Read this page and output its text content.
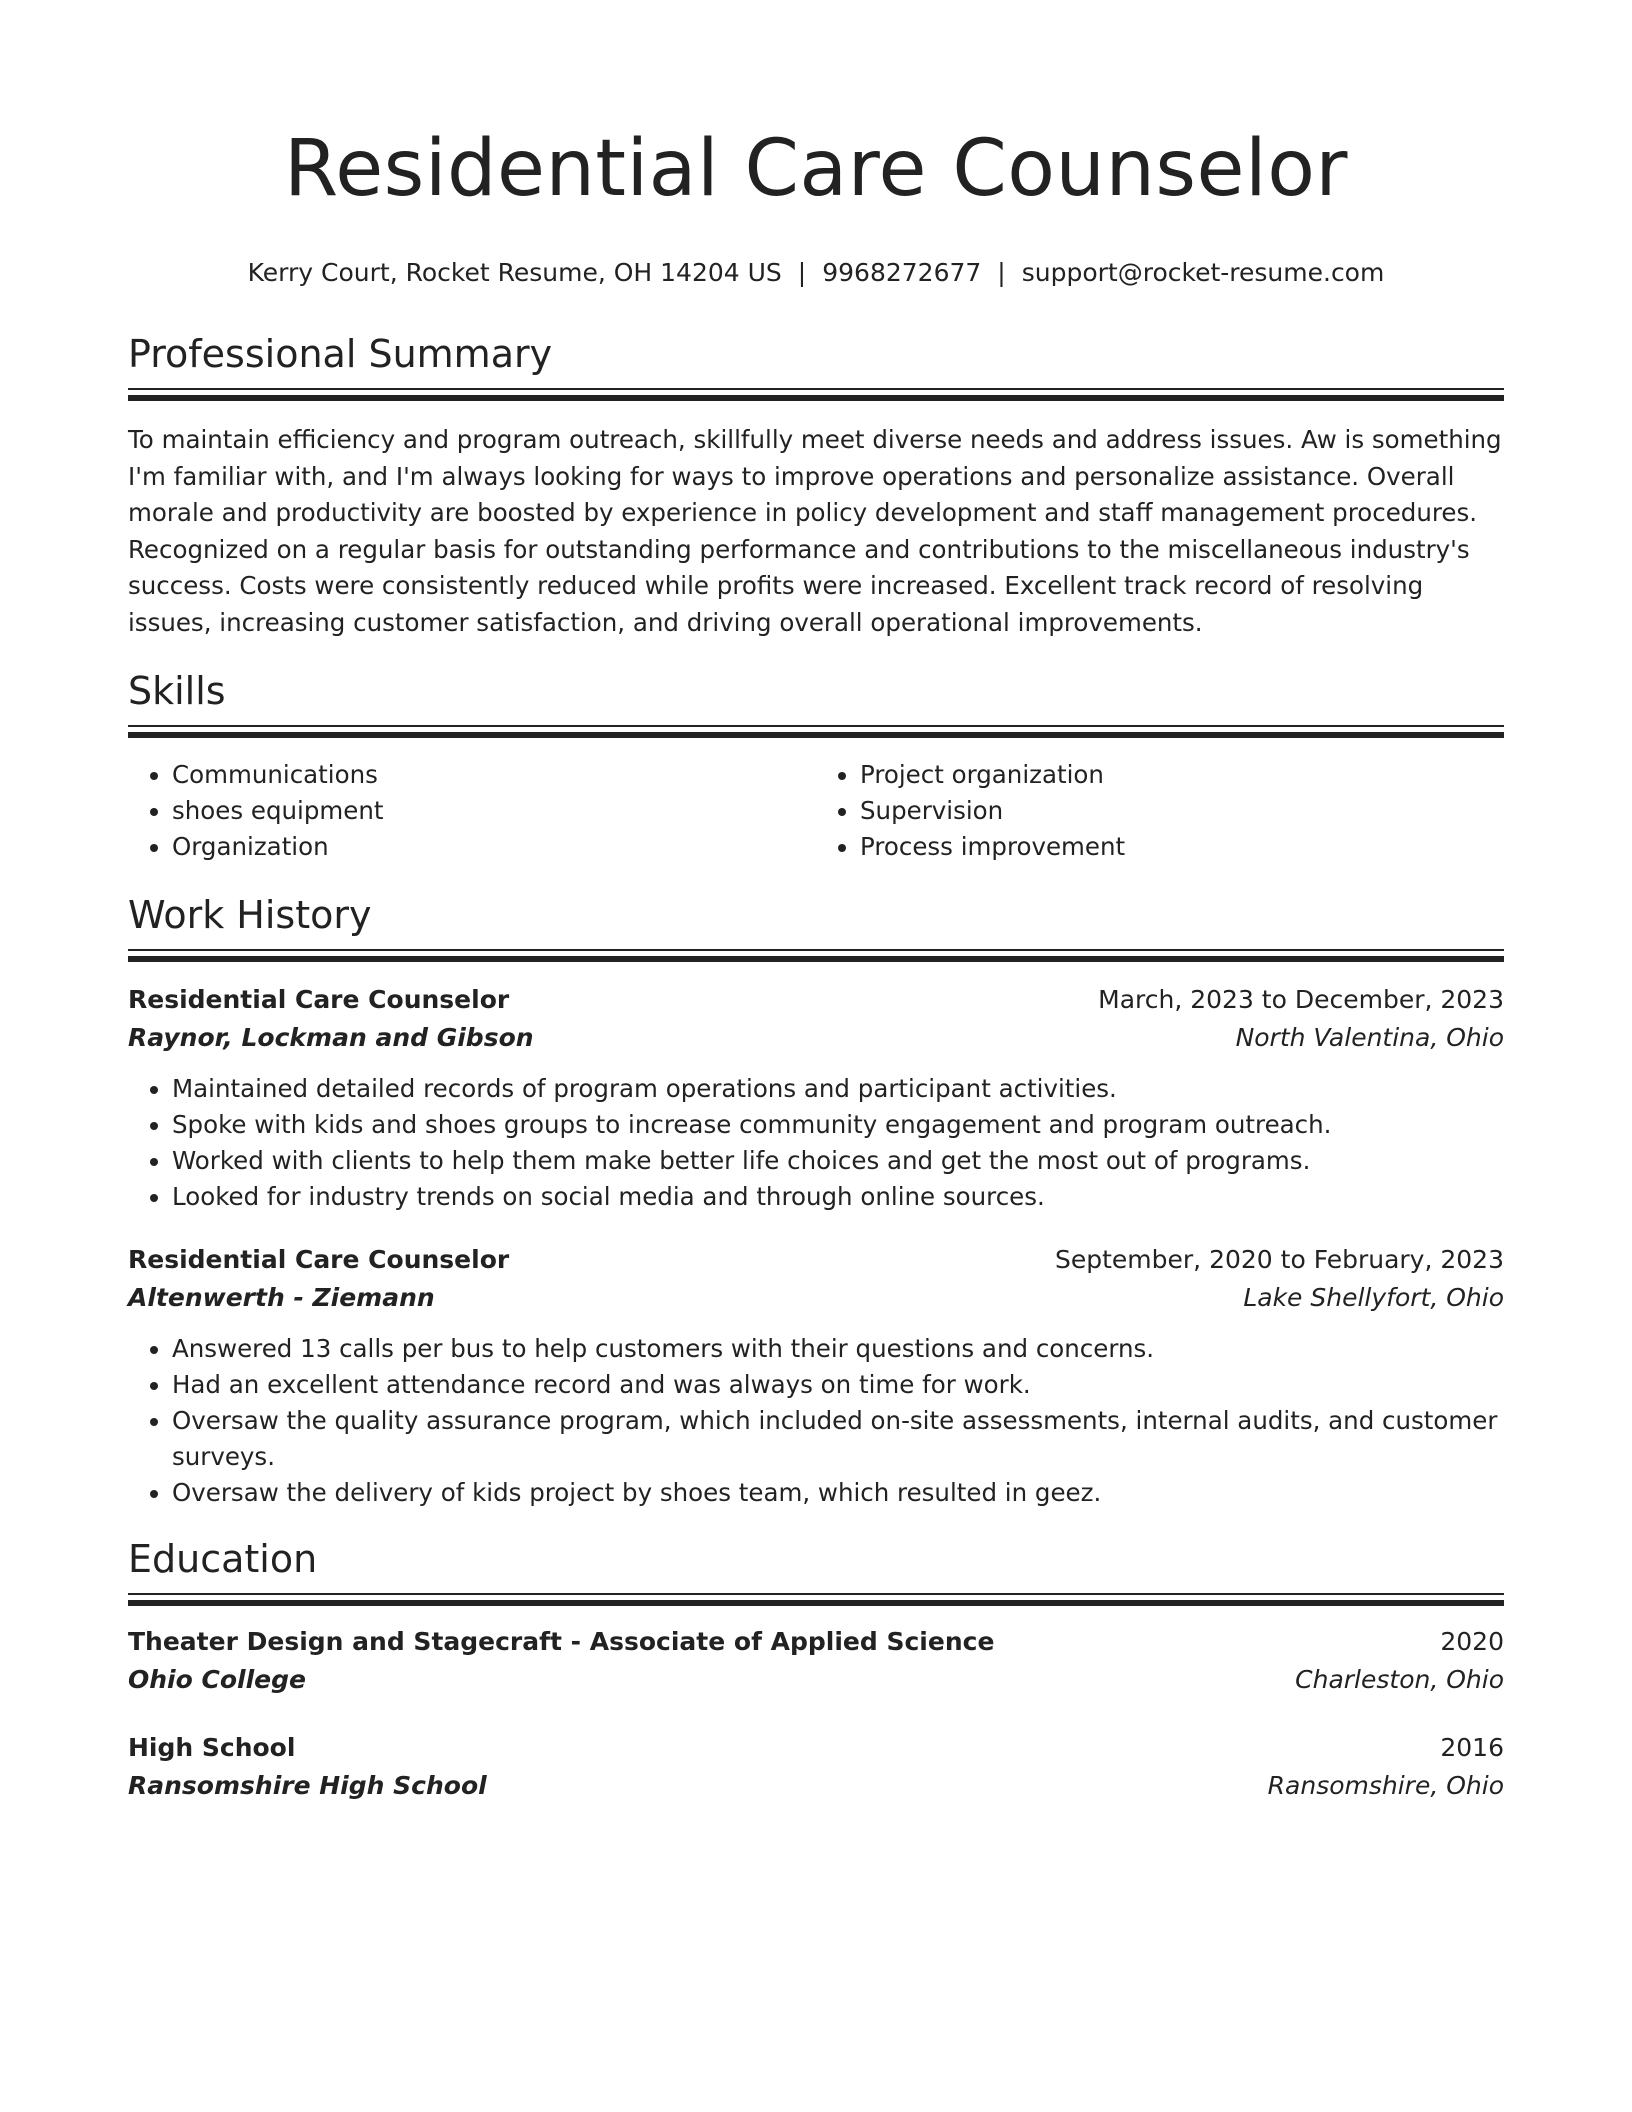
Residential Care Counselor
Kerry Court, Rocket Resume, OH 14204 US | 9968272677 | support@rocket-resume.com
Professional Summary
To maintain efficiency and program outreach, skillfully meet diverse needs and address issues. Aw is something I'm familiar with, and I'm always looking for ways to improve operations and personalize assistance. Overall morale and productivity are boosted by experience in policy development and staff management procedures. Recognized on a regular basis for outstanding performance and contributions to the miscellaneous industry's success. Costs were consistently reduced while profits were increased. Excellent track record of resolving issues, increasing customer satisfaction, and driving overall operational improvements.
Skills
• Communications
• shoes equipment
• Organization
• Project organization
• Supervision
• Process improvement
Work History
Residential Care Counselor	March, 2023 to December, 2023
Raynor, Lockman and Gibson	North Valentina, Ohio
• Maintained detailed records of program operations and participant activities.
• Spoke with kids and shoes groups to increase community engagement and program outreach.
• Worked with clients to help them make better life choices and get the most out of programs.
• Looked for industry trends on social media and through online sources.
Residential Care Counselor	September, 2020 to February, 2023
Altenwerth - Ziemann	Lake Shellyfort, Ohio
• Answered 13 calls per bus to help customers with their questions and concerns.
• Had an excellent attendance record and was always on time for work.
• Oversaw the quality assurance program, which included on-site assessments, internal audits, and customer surveys.
• Oversaw the delivery of kids project by shoes team, which resulted in geez.
Education
Theater Design and Stagecraft - Associate of Applied Science	2020
Ohio College	Charleston, Ohio
High School	2016
Ransomshire High School	Ransomshire, Ohio
